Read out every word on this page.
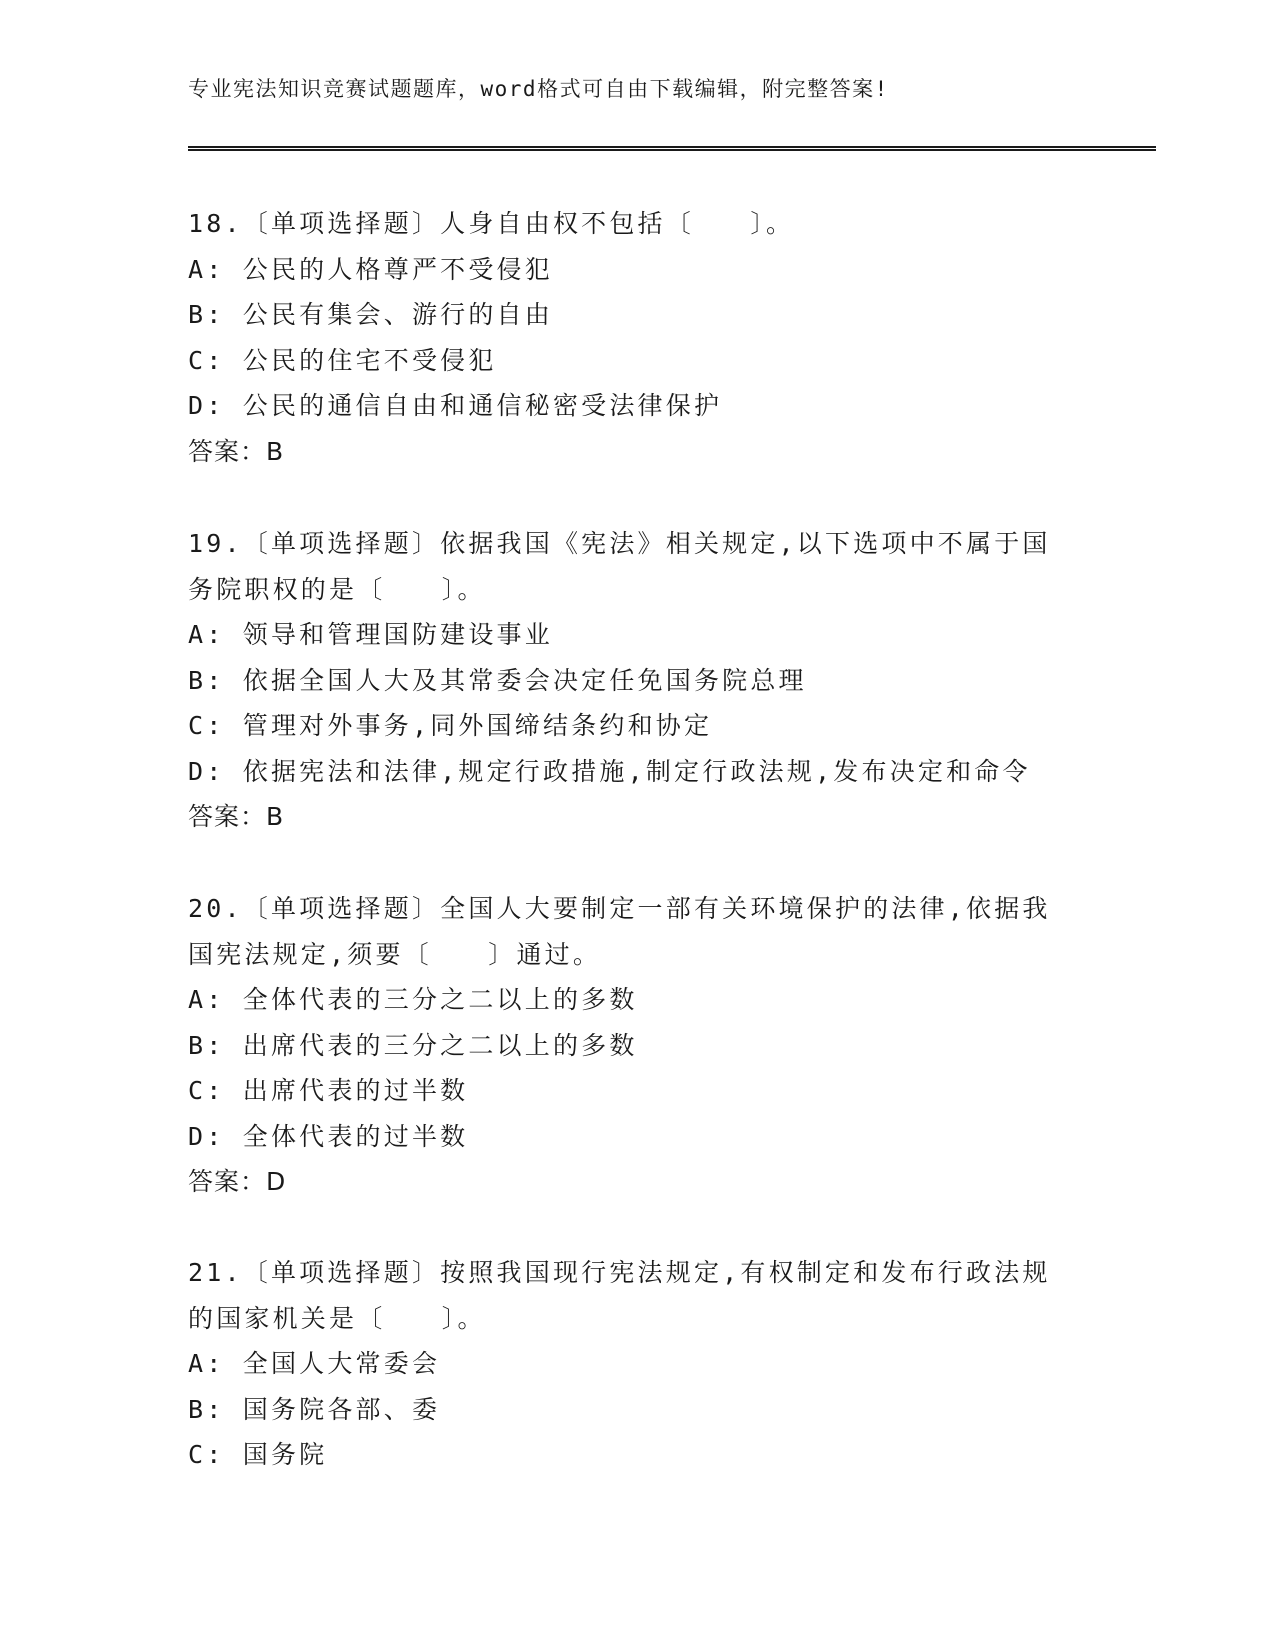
专业宪法知识竞赛试题题库，word格式可自由下载编辑，附完整答案!

18.〔单项选择题〕人身自由权不包括〔　　〕。

A: 公民的人格尊严不受侵犯

B: 公民有集会、游行的自由

C: 公民的住宅不受侵犯

D: 公民的通信自由和通信秘密受法律保护

答案：B

19.〔单项选择题〕依据我国《宪法》相关规定,以下选项中不属于国务院职权的是〔　　〕。

A: 领导和管理国防建设事业

B: 依据全国人大及其常委会决定任免国务院总理

C: 管理对外事务,同外国缔结条约和协定

D: 依据宪法和法律,规定行政措施,制定行政法规,发布决定和命令

答案：B

20.〔单项选择题〕全国人大要制定一部有关环境保护的法律,依据我国宪法规定,须要〔　　〕通过。

A: 全体代表的三分之二以上的多数

B: 出席代表的三分之二以上的多数

C: 出席代表的过半数

D: 全体代表的过半数

答案：D

21.〔单项选择题〕按照我国现行宪法规定,有权制定和发布行政法规的国家机关是〔　　〕。

A: 全国人大常委会

B: 国务院各部、委

C: 国务院
